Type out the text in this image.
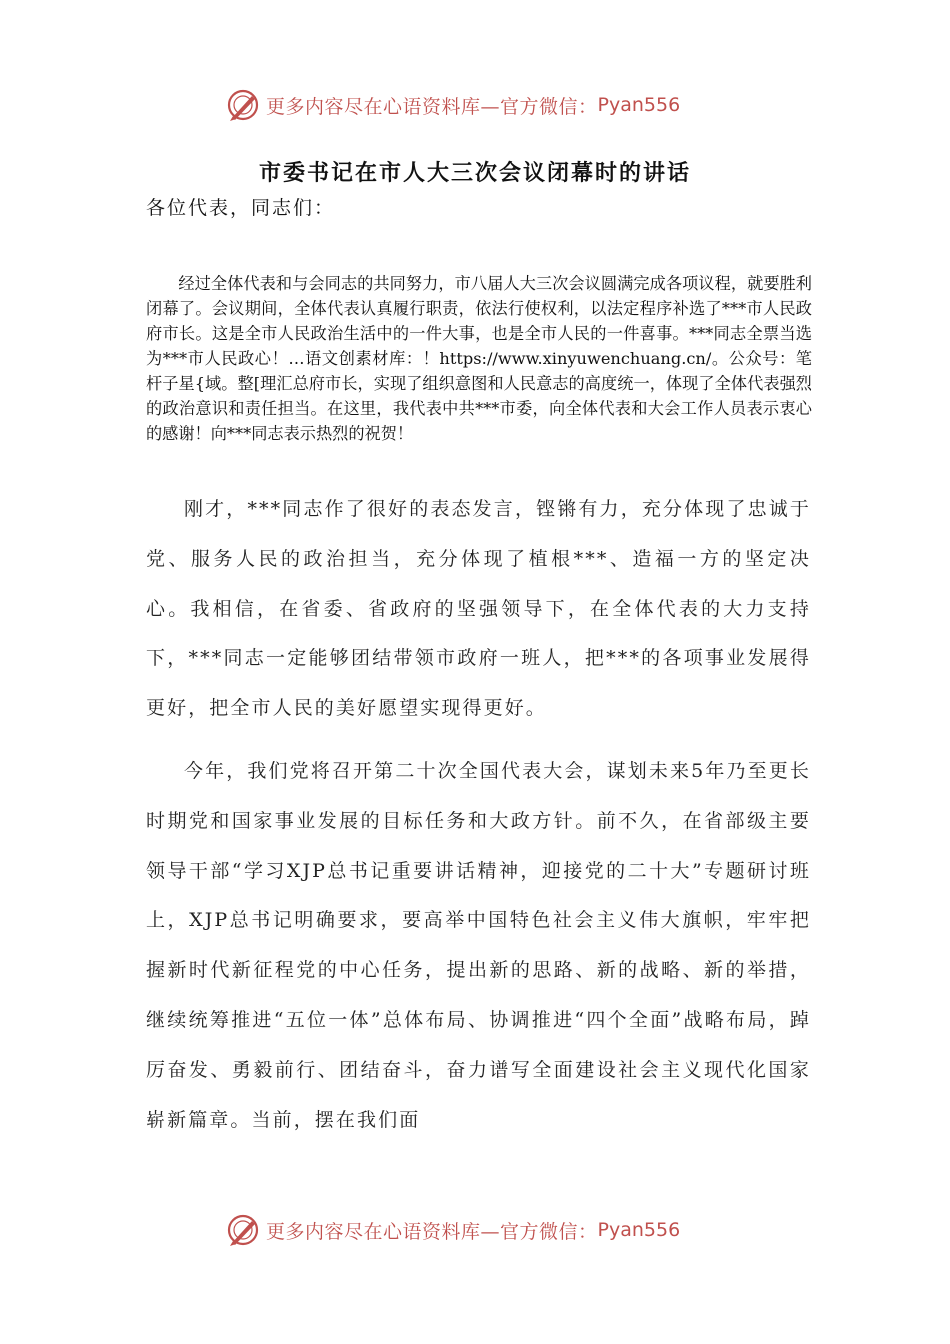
更多内容尽在心语资料库—官方微信： Pyan556
市委书记在市人大三次会议闭幕时的讲话
各位代表，同志们：
经过全体代表和与会同志的共同努力，市八届人大三次会议圆满完成各项议程，就要胜利闭幕了。会议期间，全体代表认真履行职责，依法行使权利，以法定程序补选了***市人民政府市长。这是全市人民政治生活中的一件大事，也是全市人民的一件喜事。***同志全票当选为***市人民政心！…语文创素材库：！https://www.xinyuwenchuang.cn/。公众号：笔杆子星{域。整[理汇总府市长，实现了组织意图和人民意志的高度统一，体现了全体代表强烈的政治意识和责任担当。在这里，我代表中共***市委，向全体代表和大会工作人员表示衷心的感谢！向***同志表示热烈的祝贺！
刚才，***同志作了很好的表态发言，铿锵有力，充分体现了忠诚于党、服务人民的政治担当，充分体现了植根***、造福一方的坚定决心。我相信，在省委、省政府的坚强领导下，在全体代表的大力支持下，***同志一定能够团结带领市政府一班人，把***的各项事业发展得更好，把全市人民的美好愿望实现得更好。
今年，我们党将召开第二十次全国代表大会，谋划未来5年乃至更长时期党和国家事业发展的目标任务和大政方针。前不久，在省部级主要领导干部“学习XJP总书记重要讲话精神，迎接党的二十大”专题研讨班上，XJP总书记明确要求，要高举中国特色社会主义伟大旗帜，牢牢把握新时代新征程党的中心任务，提出新的思路、新的战略、新的举措，继续统筹推进“五位一体”总体布局、协调推进“四个全面”战略布局，踔厉奋发、勇毅前行、团结奋斗，奋力谱写全面建设社会主义现代化国家崭新篇章。当前，摆在我们面
更多内容尽在心语资料库—官方微信： Pyan556
